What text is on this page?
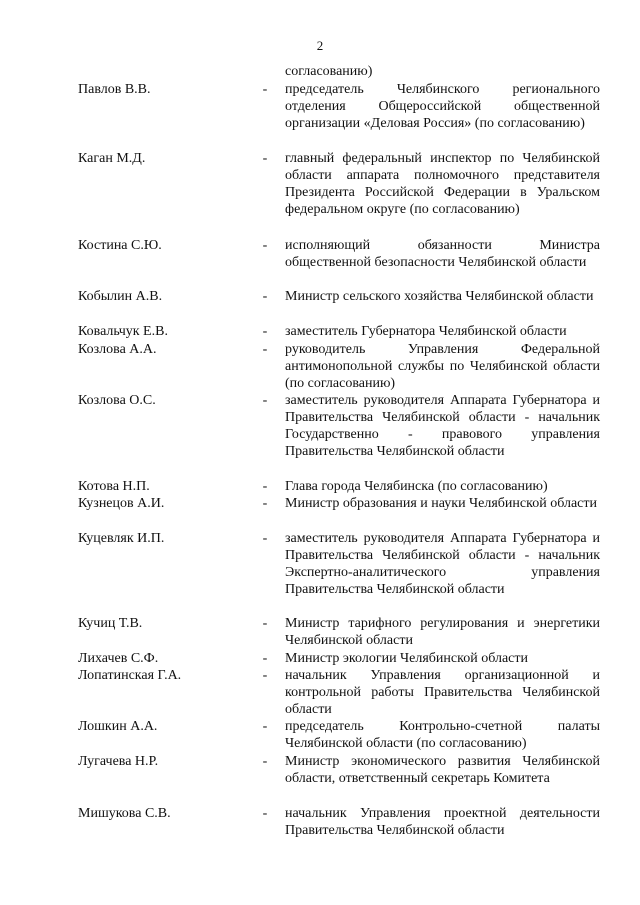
2
согласованию)
Павлов В.В.	-	председатель Челябинского регионального отделения Общероссийской общественной организации «Деловая Россия» (по согласованию)
Каган М.Д.	-	главный федеральный инспектор по Челябинской области аппарата полномочного представителя Президента Российской Федерации в Уральском федеральном округе (по согласованию)
Костина С.Ю.	-	исполняющий обязанности Министра общественной безопасности Челябинской области
Кобылин А.В.	-	Министр сельского хозяйства Челябинской области
Ковальчук Е.В.	-	заместитель Губернатора Челябинской области
Козлова А.А.	-	руководитель Управления Федеральной антимонопольной службы по Челябинской области (по согласованию)
Козлова О.С.	-	заместитель руководителя Аппарата Губернатора и Правительства Челябинской области - начальник Государственно - правового управления Правительства Челябинской области
Котова Н.П.	-	Глава города Челябинска (по согласованию)
Кузнецов А.И.	-	Министр образования и науки Челябинской области
Куцевляк И.П.	-	заместитель руководителя Аппарата Губернатора и Правительства Челябинской области - начальник Экспертно-аналитического управления Правительства Челябинской области
Кучиц Т.В.	-	Министр тарифного регулирования и энергетики Челябинской области
Лихачев С.Ф.	-	Министр экологии Челябинской области
Лопатинская Г.А.	-	начальник Управления организационной и контрольной работы Правительства Челябинской области
Лошкин А.А.	-	председатель Контрольно-счетной палаты Челябинской области (по согласованию)
Лугачева Н.Р.	-	Министр экономического развития Челябинской области, ответственный секретарь Комитета
Мишукова С.В.	-	начальник Управления проектной деятельности Правительства Челябинской области
